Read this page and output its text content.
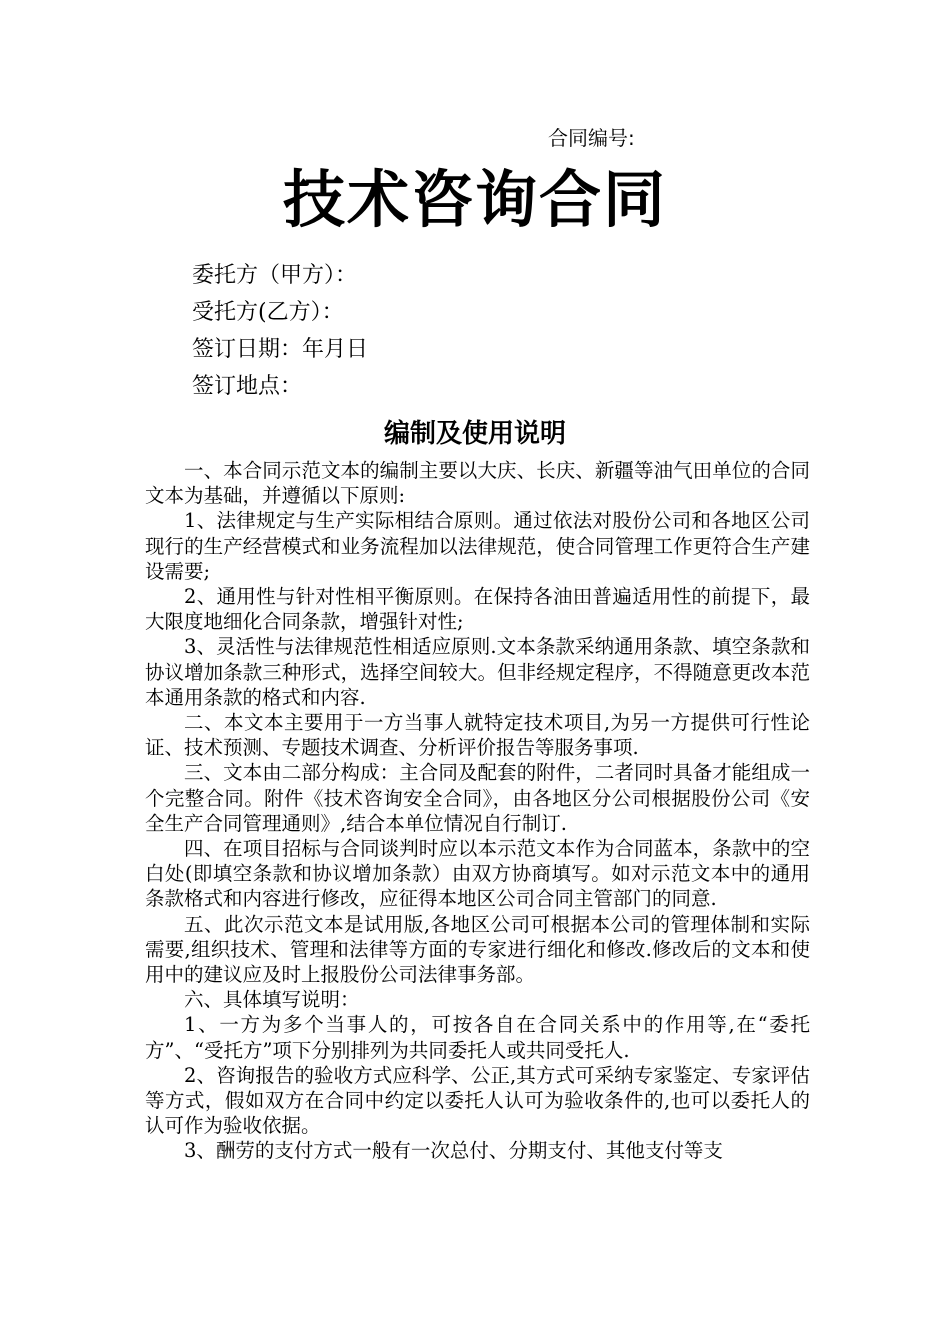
合同编号:
技术咨询合同
委托方（甲方）：
受托方(乙方）：
签订日期：年月日
签订地点：
编制及使用说明

一、本合同示范文本的编制主要以大庆、长庆、新疆等油气田单位的合同文本为基础，并遵循以下原则:

1、法律规定与生产实际相结合原则。通过依法对股份公司和各地区公司现行的生产经营模式和业务流程加以法律规范，使合同管理工作更符合生产建设需要;

2、通用性与针对性相平衡原则。在保持各油田普遍适用性的前提下，最大限度地细化合同条款，增强针对性;

3、灵活性与法律规范性相适应原则.文本条款采纳通用条款、填空条款和协议增加条款三种形式，选择空间较大。但非经规定程序，不得随意更改本范本通用条款的格式和内容.

二、本文本主要用于一方当事人就特定技术项目,为另一方提供可行性论证、技术预测、专题技术调查、分析评价报告等服务事项.

三、文本由二部分构成：主合同及配套的附件，二者同时具备才能组成一个完整合同。附件《技术咨询安全合同》，由各地区分公司根据股份公司《安全生产合同管理通则》,结合本单位情况自行制订.

四、在项目招标与合同谈判时应以本示范文本作为合同蓝本，条款中的空白处(即填空条款和协议增加条款）由双方协商填写。如对示范文本中的通用条款格式和内容进行修改，应征得本地区公司合同主管部门的同意.

五、此次示范文本是试用版,各地区公司可根据本公司的管理体制和实际需要,组织技术、管理和法律等方面的专家进行细化和修改.修改后的文本和使用中的建议应及时上报股份公司法律事务部。

六、具体填写说明：

1、一方为多个当事人的，可按各自在合同关系中的作用等,在“委托方”、“受托方”项下分别排列为共同委托人或共同受托人.

2、咨询报告的验收方式应科学、公正,其方式可采纳专家鉴定、专家评估等方式，假如双方在合同中约定以委托人认可为验收条件的,也可以委托人的认可作为验收依据。

3、酬劳的支付方式一般有一次总付、分期支付、其他支付等支
